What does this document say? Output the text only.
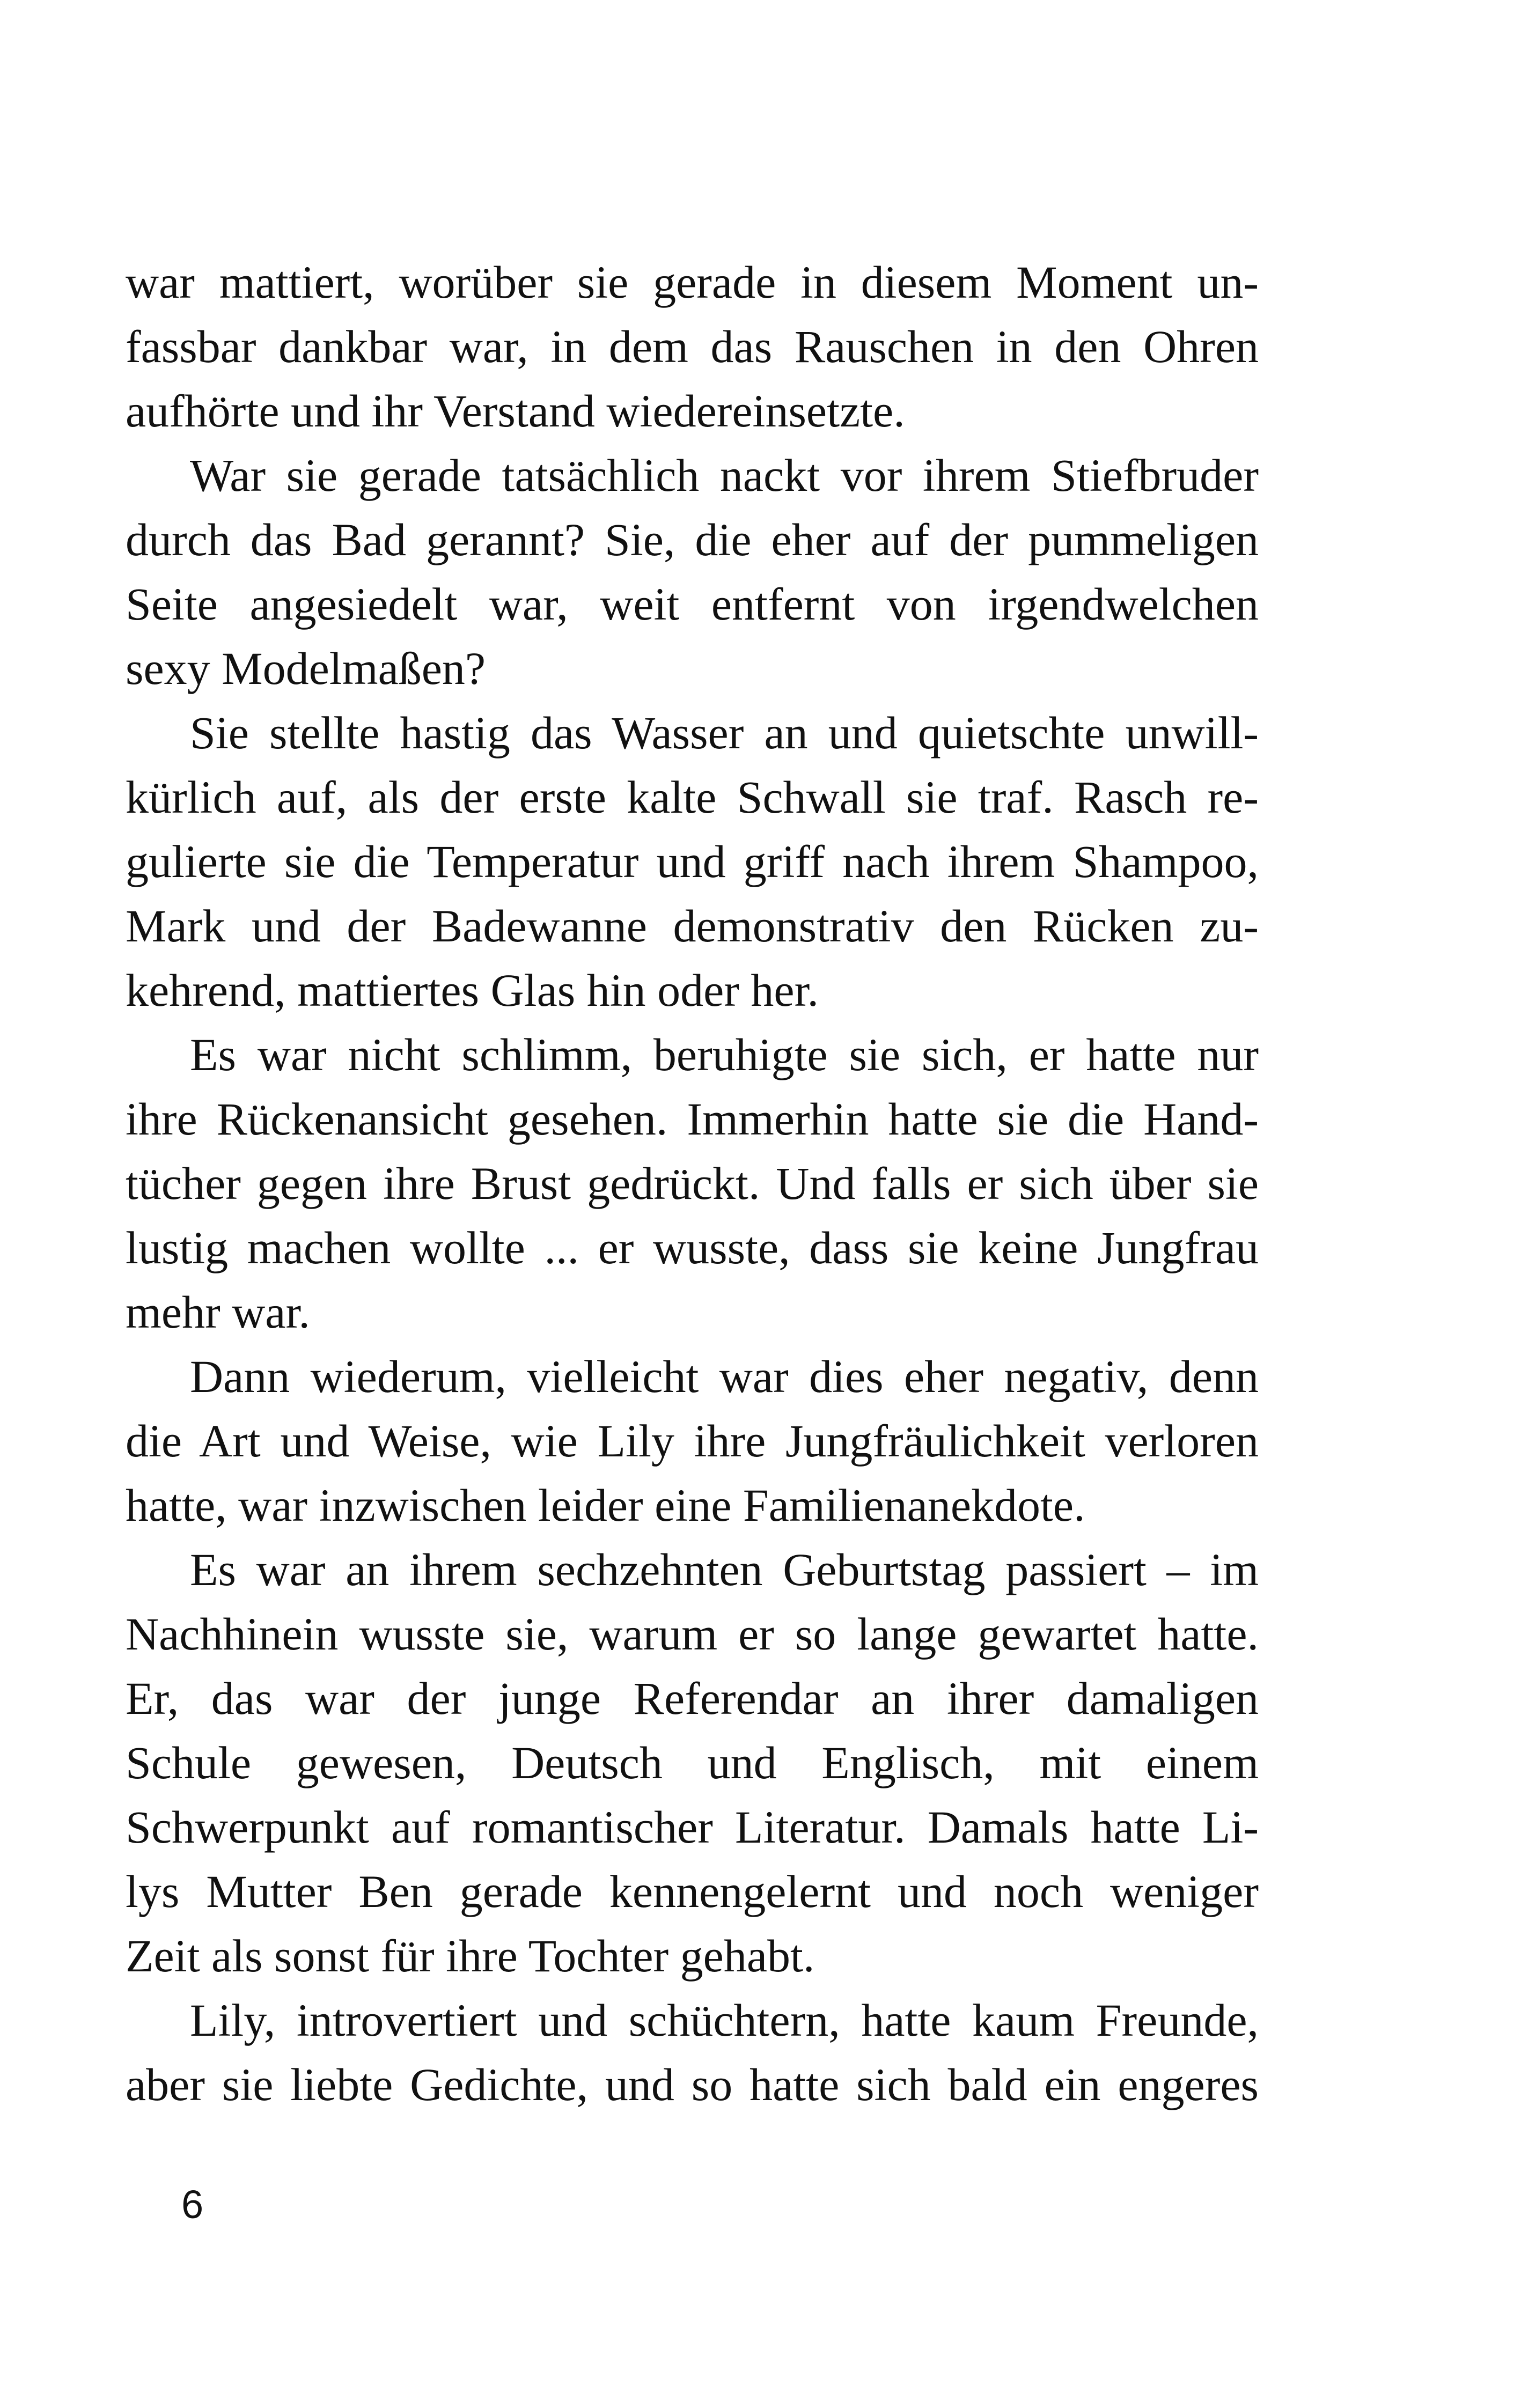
war mattiert, worüber sie gerade in diesem Moment un-
fassbar dankbar war, in dem das Rauschen in den Ohren
aufhörte und ihr Verstand wiedereinsetzte.
War sie gerade tatsächlich nackt vor ihrem Stiefbruder
durch das Bad gerannt? Sie, die eher auf der pummeligen
Seite angesiedelt war, weit entfernt von irgendwelchen
sexy Modelmaßen?
Sie stellte hastig das Wasser an und quietschte unwill-
kürlich auf, als der erste kalte Schwall sie traf. Rasch re-
gulierte sie die Temperatur und griff nach ihrem Shampoo,
Mark und der Badewanne demonstrativ den Rücken zu-
kehrend, mattiertes Glas hin oder her.
Es war nicht schlimm, beruhigte sie sich, er hatte nur
ihre Rückenansicht gesehen. Immerhin hatte sie die Hand-
tücher gegen ihre Brust gedrückt. Und falls er sich über sie
lustig machen wollte ... er wusste, dass sie keine Jungfrau
mehr war.
Dann wiederum, vielleicht war dies eher negativ, denn
die Art und Weise, wie Lily ihre Jungfräulichkeit verloren
hatte, war inzwischen leider eine Familienanekdote.
Es war an ihrem sechzehnten Geburtstag passiert – im
Nachhinein wusste sie, warum er so lange gewartet hatte.
Er, das war der junge Referendar an ihrer damaligen
Schule gewesen, Deutsch und Englisch, mit einem
Schwerpunkt auf romantischer Literatur. Damals hatte Li-
lys Mutter Ben gerade kennengelernt und noch weniger
Zeit als sonst für ihre Tochter gehabt.
Lily, introvertiert und schüchtern, hatte kaum Freunde,
aber sie liebte Gedichte, und so hatte sich bald ein engeres
6
